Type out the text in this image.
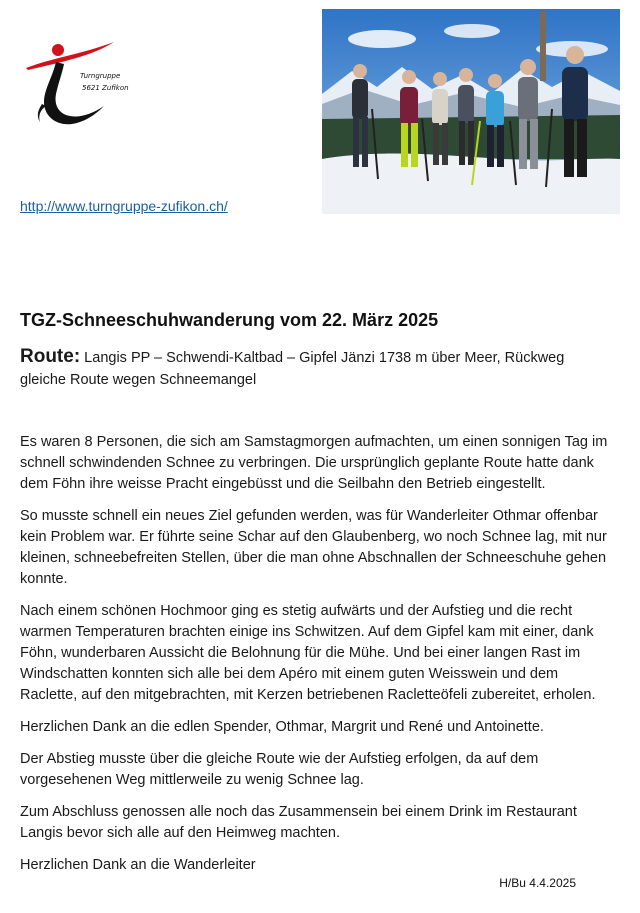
Turngruppe
5621 Zufikon
http://www.turngruppe-zufikon.ch/
TGZ-Schneeschuhwanderung vom 22. März 2025

Route: Langis PP – Schwendi-Kaltbad – Gipfel Jänzi 1738 m über Meer, Rückweg gleiche Route wegen Schneemangel

Es waren 8 Personen, die sich am Samstagmorgen aufmachten, um einen sonnigen Tag im schnell schwindenden Schnee zu verbringen. Die ursprünglich geplante Route hatte dank dem Föhn ihre weisse Pracht eingebüsst und die Seilbahn den Betrieb eingestellt.

So musste schnell ein neues Ziel gefunden werden, was für Wanderleiter Othmar offenbar kein Problem war. Er führte seine Schar auf den Glaubenberg, wo noch Schnee lag, mit nur kleinen, schneebefreiten Stellen, über die man ohne Abschnallen der Schneeschuhe gehen konnte.

Nach einem schönen Hochmoor ging es stetig aufwärts und der Aufstieg und die recht warmen Temperaturen brachten einige ins Schwitzen. Auf dem Gipfel kam mit einer, dank Föhn, wunderbaren Aussicht die Belohnung für die Mühe. Und bei einer langen Rast im Windschatten konnten sich alle bei dem Apéro mit einem guten Weisswein und dem Raclette, auf den mitgebrachten, mit Kerzen betriebenen Racletteöfeli zubereitet, erholen.

Herzlichen Dank an die edlen Spender, Othmar, Margrit und René und Antoinette.

Der Abstieg musste über die gleiche Route wie der Aufstieg erfolgen, da auf dem vorgesehenen Weg mittlerweile zu wenig Schnee lag.

Zum Abschluss genossen alle noch das Zusammensein bei einem Drink im Restaurant Langis bevor sich alle auf den Heimweg machten.

Herzlichen Dank an die Wanderleiter

H/Bu 4.4.2025
